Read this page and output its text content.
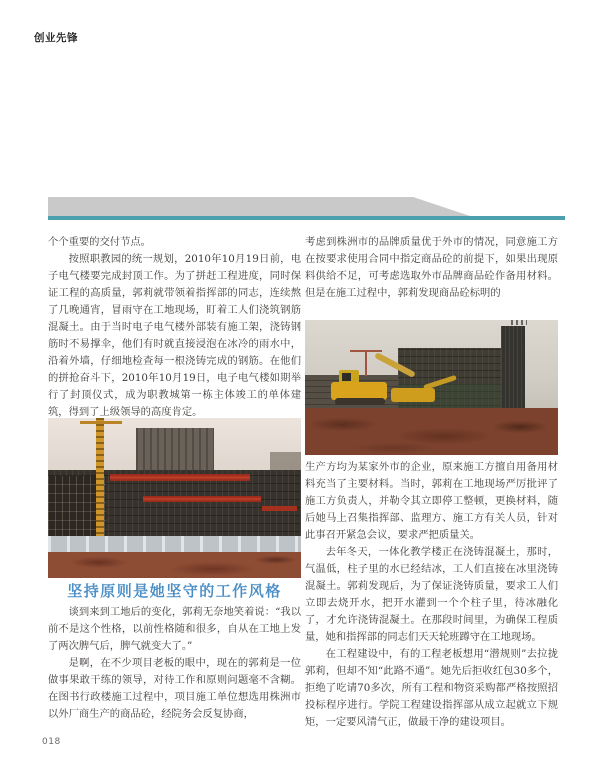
创业先锋

个个重要的交付节点。

按照职教园的统一规划，2010年10月19日前，电子电气楼要完成封顶工作。为了拼赶工程进度，同时保证工程的高质量，郭莉就带领着指挥部的同志，连续熬了几晚通宵，冒雨守在工地现场，盯着工人们浇筑钢筋混凝土。由于当时电子电气楼外部装有施工架，浇铸钢筋时不易撑伞，他们有时就直接浸泡在冰冷的雨水中，沿着外墙，仔细地检查每一根浇铸完成的钢筋。在他们的拼抢奋斗下，2010年10月19日，电子电气楼如期举行了封顶仪式，成为职教城第一栋主体竣工的单体建筑，得到了上级领导的高度肯定。

坚持原则是她坚守的工作风格

谈到来到工地后的变化，郭莉无奈地笑着说：“我以前不是这个性格，以前性格随和很多，自从在工地上发了两次脾气后，脾气就变大了。”

是啊，在不少项目老板的眼中，现在的郭莉是一位做事果敢干练的领导，对待工作和原则问题毫不含糊。在图书行政楼施工过程中，项目施工单位想选用株洲市以外厂商生产的商品砼，经院务会反复协商，

考虑到株洲市的品牌质量优于外市的情况，同意施工方在按要求使用合同中指定商品砼的前提下，如果出现原料供给不足，可考虑选取外市品牌商品砼作备用材料。但是在施工过程中，郭莉发现商品砼标明的

生产方均为某家外市的企业，原来施工方擅自用备用材料充当了主要材料。当时，郭莉在工地现场严厉批评了施工方负责人，并勒令其立即停工整顿，更换材料，随后她马上召集指挥部、监理方、施工方有关人员，针对此事召开紧急会议，要求严把质量关。

去年冬天，一体化教学楼正在浇铸混凝土，那时，气温低，柱子里的水已经结冰，工人们直接在冰里浇铸混凝土。郭莉发现后，为了保证浇铸质量，要求工人们立即去烧开水，把开水灌到一个个柱子里，待冰融化了，才允许浇铸混凝土。在那段时间里，为确保工程质量，她和指挥部的同志们天天轮班蹲守在工地现场。

在工程建设中，有的工程老板想用“潜规则”去拉拢郭莉，但却不知“此路不通”。她先后拒收红包30多个，拒绝了吃请70多次，所有工程和物资采购都严格按照招投标程序进行。学院工程建设指挥部从成立起就立下规矩，一定要风清气正，做最干净的建设项目。

018
